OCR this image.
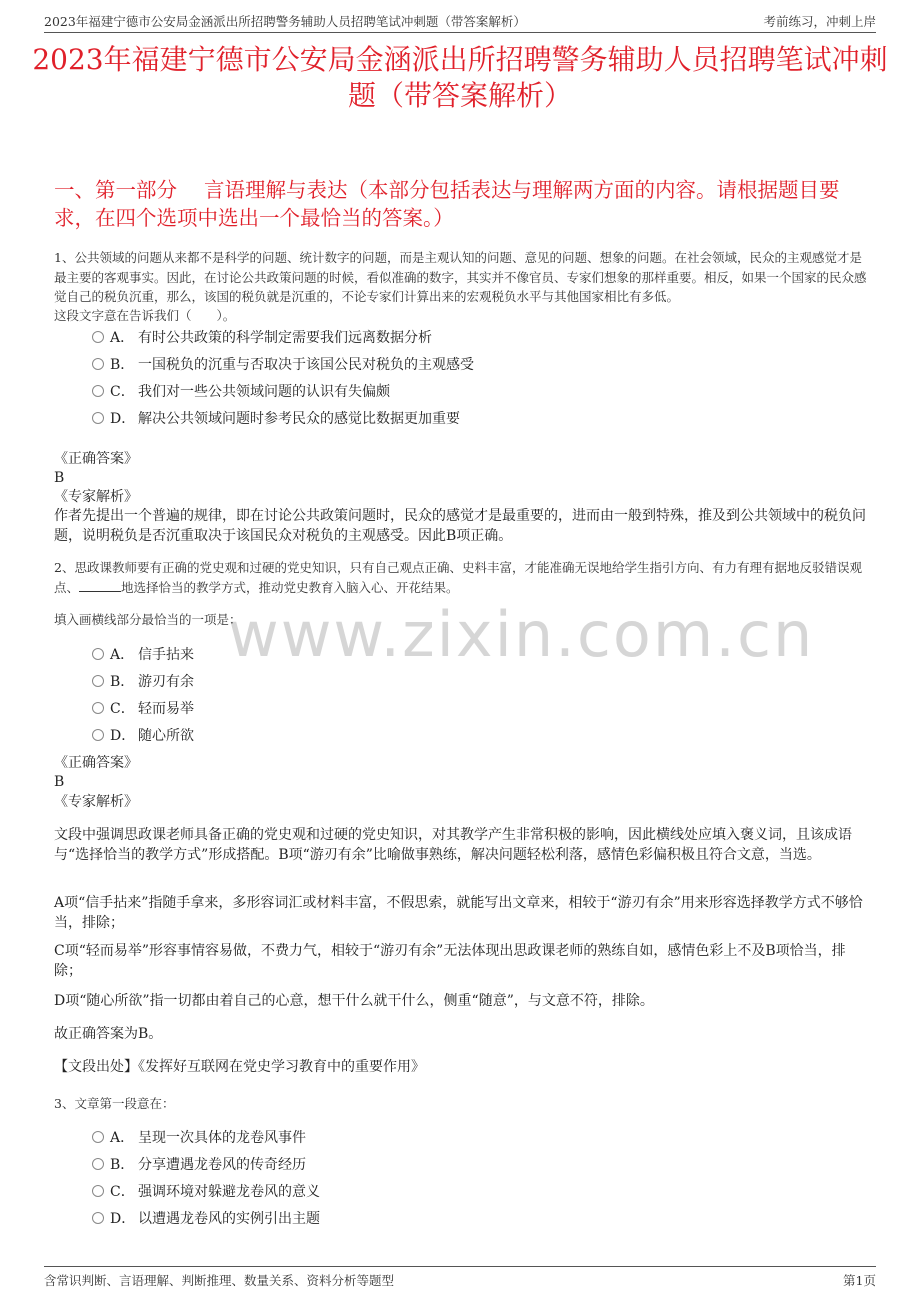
2023年福建宁德市公安局金涵派出所招聘警务辅助人员招聘笔试冲刺题（带答案解析）	考前练习，冲刺上岸
2023年福建宁德市公安局金涵派出所招聘警务辅助人员招聘笔试冲刺题（带答案解析）
一、第一部分　 言语理解与表达（本部分包括表达与理解两方面的内容。请根据题目要求，在四个选项中选出一个最恰当的答案。）
1、公共领域的问题从来都不是科学的问题、统计数字的问题，而是主观认知的问题、意见的问题、想象的问题。在社会领域，民众的主观感觉才是最主要的客观事实。因此，在讨论公共政策问题的时候，看似准确的数字，其实并不像官员、专家们想象的那样重要。相反，如果一个国家的民众感觉自己的税负沉重，那么，该国的税负就是沉重的，不论专家们计算出来的宏观税负水平与其他国家相比有多低。
这段文字意在告诉我们（　　）。
A． 有时公共政策的科学制定需要我们远离数据分析
B． 一国税负的沉重与否取决于该国公民对税负的主观感受
C． 我们对一些公共领域问题的认识有失偏颇
D． 解决公共领域问题时参考民众的感觉比数据更加重要
《正确答案》
B
《专家解析》
作者先提出一个普遍的规律，即在讨论公共政策问题时，民众的感觉才是最重要的，进而由一般到特殊，推及到公共领域中的税负问题，说明税负是否沉重取决于该国民众对税负的主观感受。因此B项正确。
www.zixin.com.cn
2、思政课教师要有正确的党史观和过硬的党史知识，只有自己观点正确、史料丰富，才能准确无误地给学生指引方向、有力有理有据地反驳错误观点、	地选择恰当的教学方式，推动党史教育入脑入心、开花结果。
填入画横线部分最恰当的一项是：
A． 信手拈来
B． 游刃有余
C． 轻而易举
D． 随心所欲
《正确答案》
B
《专家解析》
文段中强调思政课老师具备正确的党史观和过硬的党史知识，对其教学产生非常积极的影响，因此横线处应填入褒义词，且该成语与“选择恰当的教学方式”形成搭配。B项“游刃有余”比喻做事熟练，解决问题轻松利落，感情色彩偏积极且符合文意，当选。
A项“信手拈来”指随手拿来，多形容词汇或材料丰富，不假思索，就能写出文章来，相较于“游刃有余”用来形容选择教学方式不够恰当，排除；
C项“轻而易举”形容事情容易做，不费力气，相较于“游刃有余”无法体现出思政课老师的熟练自如，感情色彩上不及B项恰当，排除；
D项“随心所欲”指一切都由着自己的心意，想干什么就干什么，侧重“随意”，与文意不符，排除。
故正确答案为B。
【文段出处】《发挥好互联网在党史学习教育中的重要作用》
3、文章第一段意在：
A． 呈现一次具体的龙卷风事件
B． 分享遭遇龙卷风的传奇经历
C． 强调环境对躲避龙卷风的意义
D． 以遭遇龙卷风的实例引出主题
含常识判断、言语理解、判断推理、数量关系、资料分析等题型	第1页
